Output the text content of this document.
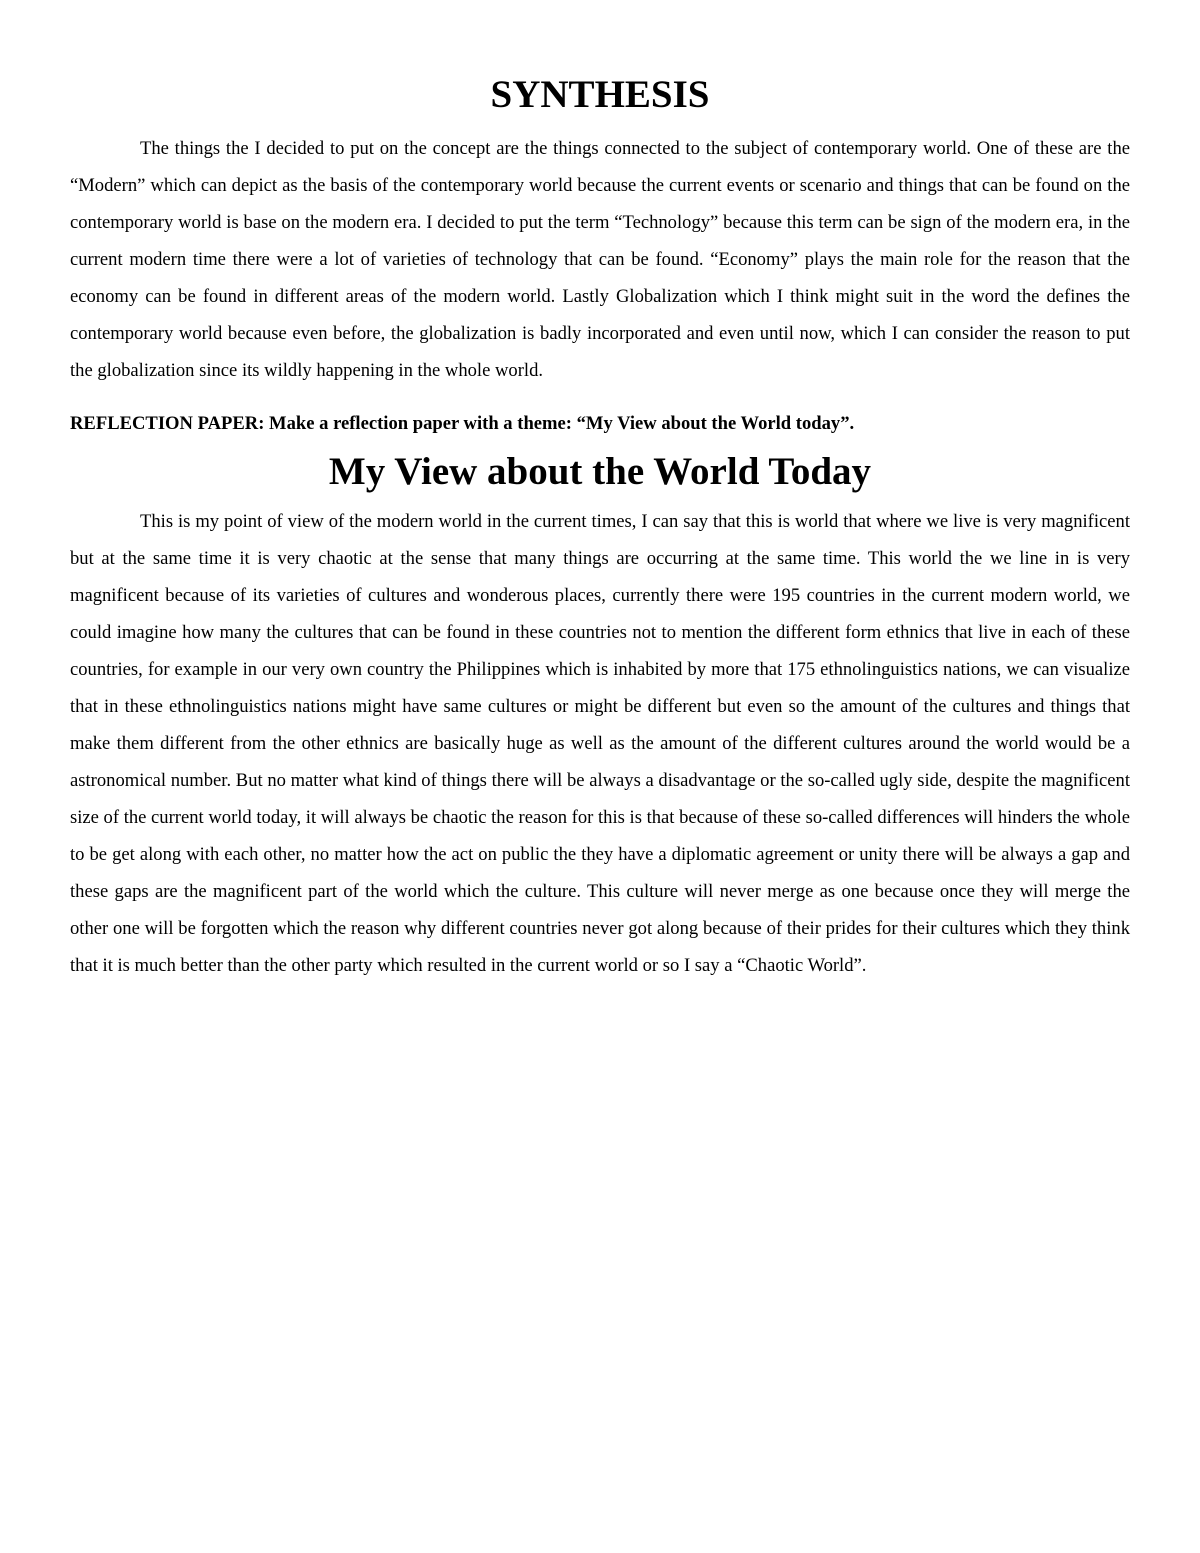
SYNTHESIS

The things the I decided to put on the concept are the things connected to the subject of contemporary world. One of these are the “Modern” which can depict as the basis of the contemporary world because the current events or scenario and things that can be found on the contemporary world is base on the modern era. I decided to put the term “Technology” because this term can be sign of the modern era, in the current modern time there were a lot of varieties of technology that can be found. “Economy” plays the main role for the reason that the economy can be found in different areas of the modern world. Lastly Globalization which I think might suit in the word the defines the contemporary world because even before, the globalization is badly incorporated and even until now, which I can consider the reason to put the globalization since its wildly happening in the whole world.

REFLECTION PAPER: Make a reflection paper with a theme: “My View about the World today”.

My View about the World Today

This is my point of view of the modern world in the current times, I can say that this is world that where we live is very magnificent but at the same time it is very chaotic at the sense that many things are occurring at the same time. This world the we line in is very magnificent because of its varieties of cultures and wonderous places, currently there were 195 countries in the current modern world, we could imagine how many the cultures that can be found in these countries not to mention the different form ethnics that live in each of these countries, for example in our very own country the Philippines which is inhabited by more that 175 ethnolinguistics nations, we can visualize that in these ethnolinguistics nations might have same cultures or might be different but even so the amount of the cultures and things that make them different from the other ethnics are basically huge as well as the amount of the different cultures around the world would be a astronomical number. But no matter what kind of things there will be always a disadvantage or the so-called ugly side, despite the magnificent size of the current world today, it will always be chaotic the reason for this is that because of these so-called differences will hinders the whole to be get along with each other, no matter how the act on public the they have a diplomatic agreement or unity there will be always a gap and these gaps are the magnificent part of the world which the culture. This culture will never merge as one because once they will merge the other one will be forgotten which the reason why different countries never got along because of their prides for their cultures which they think that it is much better than the other party which resulted in the current world or so I say a “Chaotic World”.
